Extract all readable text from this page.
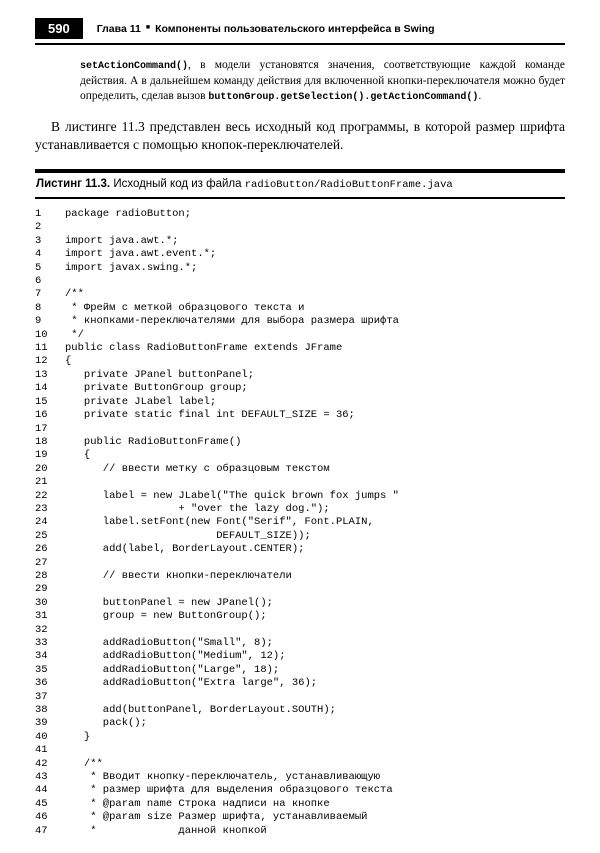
590	Глава 11 ■ Компоненты пользовательского интерфейса в Swing

setActionCommand(), в модели установятся значения, соответствующие каждой команде действия. А в дальнейшем команду действия для включенной кнопки-переключателя можно будет определить, сделав вызов buttonGroup.getSelection().getActionCommand().

В листинге 11.3 представлен весь исходный код программы, в которой размер шрифта устанавливается с помощью кнопок-переключателей.

Листинг 11.3. Исходный код из файла radioButton/RadioButtonFrame.java

1	package radioButton;
2
3	import java.awt.*;
4	import java.awt.event.*;
5	import javax.swing.*;
6
7	/**
8	* Фрейм с меткой образцового текста и
9	* кнопками-переключателями для выбора размера шрифта
10	*/
11	public class RadioButtonFrame extends JFrame
12	{
13	private JPanel buttonPanel;
14	private ButtonGroup group;
15	private JLabel label;
16	private static final int DEFAULT_SIZE = 36;
17
18	public RadioButtonFrame()
19	{
20	// ввести метку с образцовым текстом
21
22	label = new JLabel("The quick brown fox jumps "
23	+ "over the lazy dog.");
24	label.setFont(new Font("Serif", Font.PLAIN,
25	DEFAULT_SIZE));
26	add(label, BorderLayout.CENTER);
27
28	// ввести кнопки-переключатели
29
30	buttonPanel = new JPanel();
31	group = new ButtonGroup();
32
33	addRadioButton("Small", 8);
34	addRadioButton("Medium", 12);
35	addRadioButton("Large", 18);
36	addRadioButton("Extra large", 36);
37
38	add(buttonPanel, BorderLayout.SOUTH);
39	pack();
40	}
41
42	/**
43	* Вводит кнопку-переключатель, устанавливающую
44	* размер шрифта для выделения образцового текста
45	* @param name Строка надписи на кнопке
46	* @param size Размер шрифта, устанавливаемый
47	*             данной кнопкой
